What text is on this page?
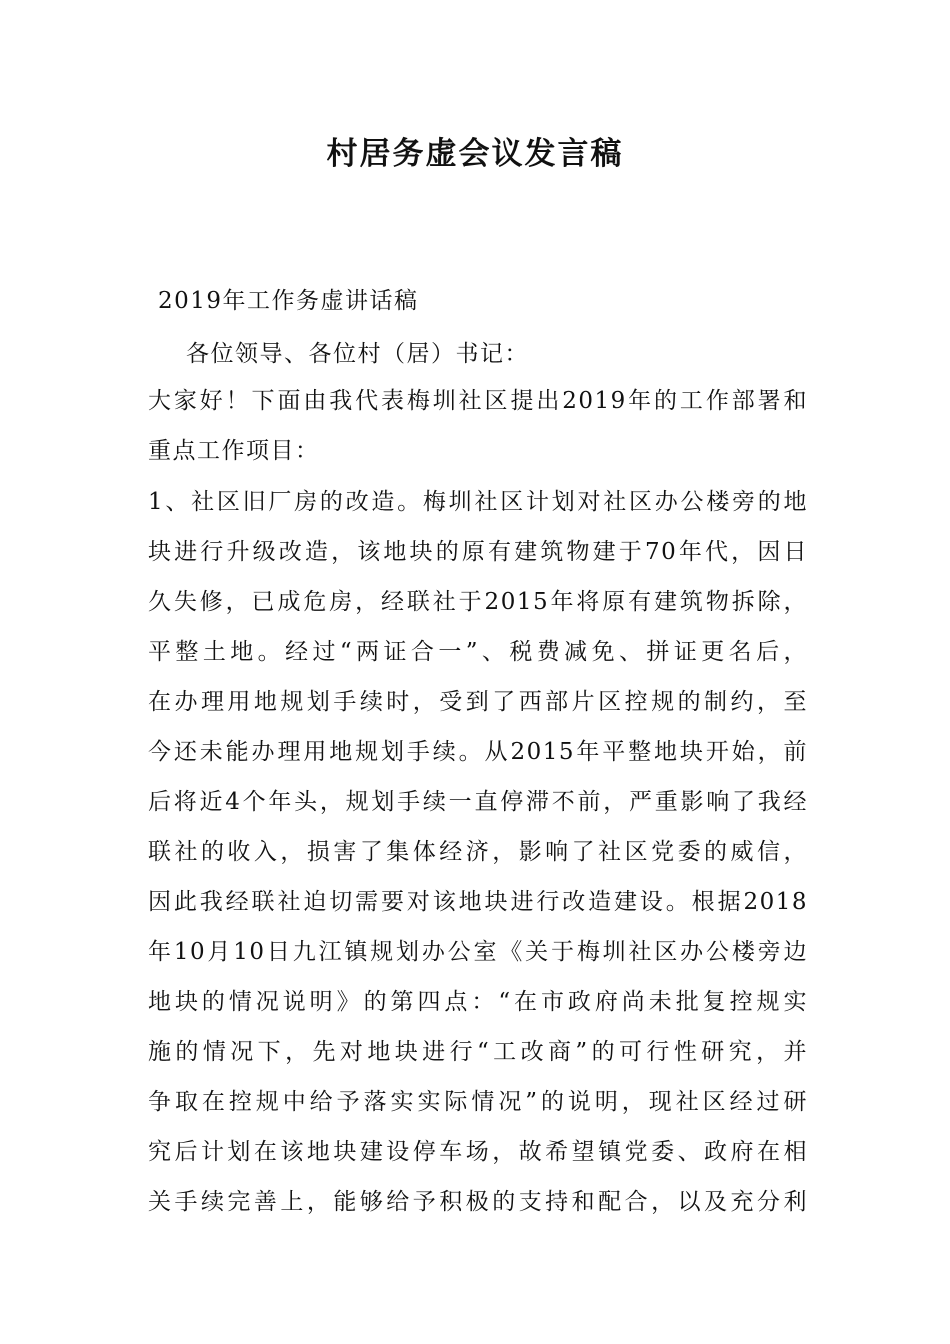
村居务虚会议发言稿
2019年工作务虚讲话稿
各位领导、各位村（居）书记：
大家好！下面由我代表梅圳社区提出2019年的工作部署和
重点工作项目：
1、社区旧厂房的改造。梅圳社区计划对社区办公楼旁的地
块进行升级改造，该地块的原有建筑物建于70年代，因日
久失修，已成危房，经联社于2015年将原有建筑物拆除，
平整土地。经过“两证合一”、税费减免、拼证更名后，
在办理用地规划手续时，受到了西部片区控规的制约，至
今还未能办理用地规划手续。从2015年平整地块开始，前
后将近4个年头，规划手续一直停滞不前，严重影响了我经
联社的收入，损害了集体经济，影响了社区党委的威信，
因此我经联社迫切需要对该地块进行改造建设。根据2018
年10月10日九江镇规划办公室《关于梅圳社区办公楼旁边
地块的情况说明》的第四点：“在市政府尚未批复控规实
施的情况下，先对地块进行“工改商”的可行性研究，并
争取在控规中给予落实实际情况”的说明，现社区经过研
究后计划在该地块建设停车场，故希望镇党委、政府在相
关手续完善上，能够给予积极的支持和配合，以及充分利
